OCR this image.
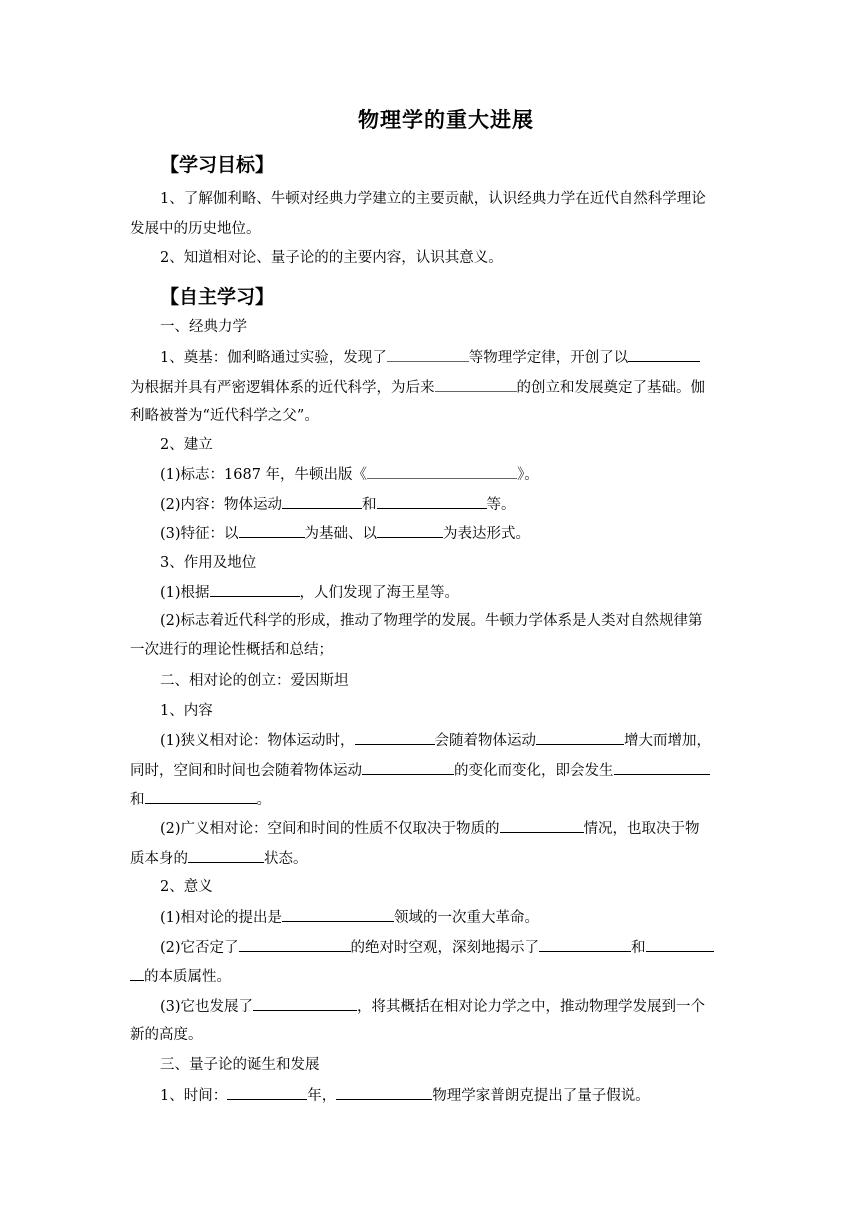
物理学的重大进展
【学习目标】
1、了解伽利略、牛顿对经典力学建立的主要贡献，认识经典力学在近代自然科学理论
发展中的历史地位。
2、知道相对论、量子论的的主要内容，认识其意义。
【自主学习】
一、经典力学
1、奠基：伽利略通过实验，发现了	等物理学定律，开创了以
为根据并具有严密逻辑体系的近代科学，为后来	的创立和发展奠定了基础。伽
利略被誉为“近代科学之父”。
2、建立
(1)标志：1687 年，牛顿出版《	》。
(2)内容：物体运动	和	等。
(3)特征：以	为基础、以	为表达形式。
3、作用及地位
(1)根据	，人们发现了海王星等。
(2)标志着近代科学的形成，推动了物理学的发展。牛顿力学体系是人类对自然规律第
一次进行的理论性概括和总结；
二、相对论的创立：爱因斯坦
1、内容
(1)狭义相对论：物体运动时，	会随着物体运动	增大而增加，
同时，空间和时间也会随着物体运动	的变化而变化，即会发生
和	。
(2)广义相对论：空间和时间的性质不仅取决于物质的	情况，也取决于物
质本身的	状态。
2、意义
(1)相对论的提出是	领域的一次重大革命。
(2)它否定了	的绝对时空观，深刻地揭示了	和
的本质属性。
(3)它也发展了	，将其概括在相对论力学之中，推动物理学发展到一个
新的高度。
三、量子论的诞生和发展
1、时间：	年，	物理学家普朗克提出了量子假说。
